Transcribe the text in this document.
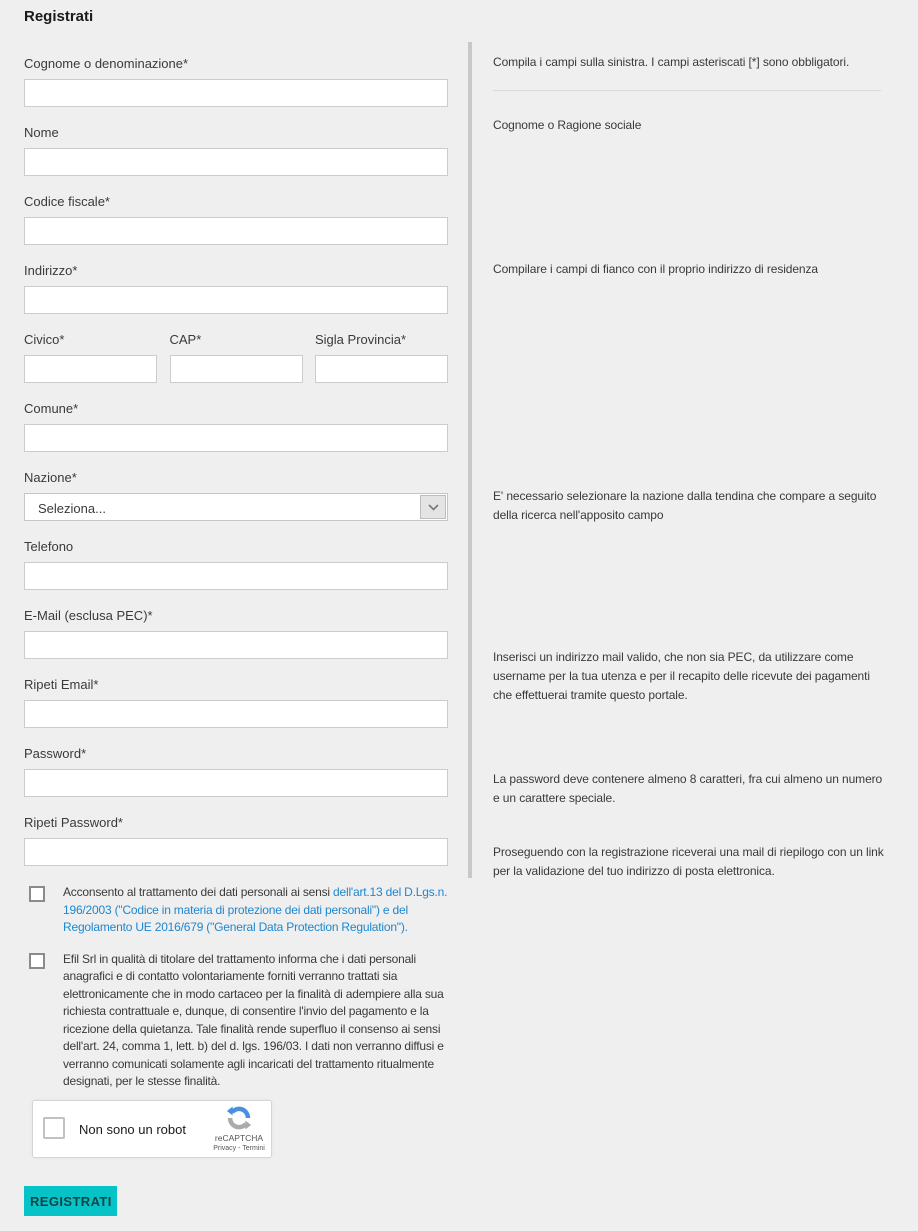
Registrati
Cognome o denominazione*
Nome
Codice fiscale*
Indirizzo*
Civico*	CAP*	Sigla Provincia*
Comune*
Nazione*
Seleziona...
Telefono
E-Mail (esclusa PEC)*
Ripeti Email*
Password*
Ripeti Password*
Acconsento al trattamento dei dati personali ai sensi dell'art.13 del D.Lgs.n. 196/2003 ("Codice in materia di protezione dei dati personali") e del Regolamento UE 2016/679 ("General Data Protection Regulation").
Efil Srl in qualità di titolare del trattamento informa che i dati personali anagrafici e di contatto volontariamente forniti verranno trattati sia elettronicamente che in modo cartaceo per la finalità di adempiere alla sua richiesta contrattuale e, dunque, di consentire l'invio del pagamento e la ricezione della quietanza. Tale finalità rende superfluo il consenso ai sensi dell'art. 24, comma 1, lett. b) del d. lgs. 196/03. I dati non verranno diffusi e verranno comunicati solamente agli incaricati del trattamento ritualmente designati, per le stesse finalità.
Non sono un robot
reCAPTCHA
Privacy - Termini
REGISTRATI

Compila i campi sulla sinistra. I campi asteriscati [*] sono obbligatori.

Cognome o Ragione sociale

Compilare i campi di fianco con il proprio indirizzo di residenza

E' necessario selezionare la nazione dalla tendina che compare a seguito della ricerca nell'apposito campo

Inserisci un indirizzo mail valido, che non sia PEC, da utilizzare come username per la tua utenza e per il recapito delle ricevute dei pagamenti che effettuerai tramite questo portale.

La password deve contenere almeno 8 caratteri, fra cui almeno un numero e un carattere speciale.

Proseguendo con la registrazione riceverai una mail di riepilogo con un link per la validazione del tuo indirizzo di posta elettronica.
